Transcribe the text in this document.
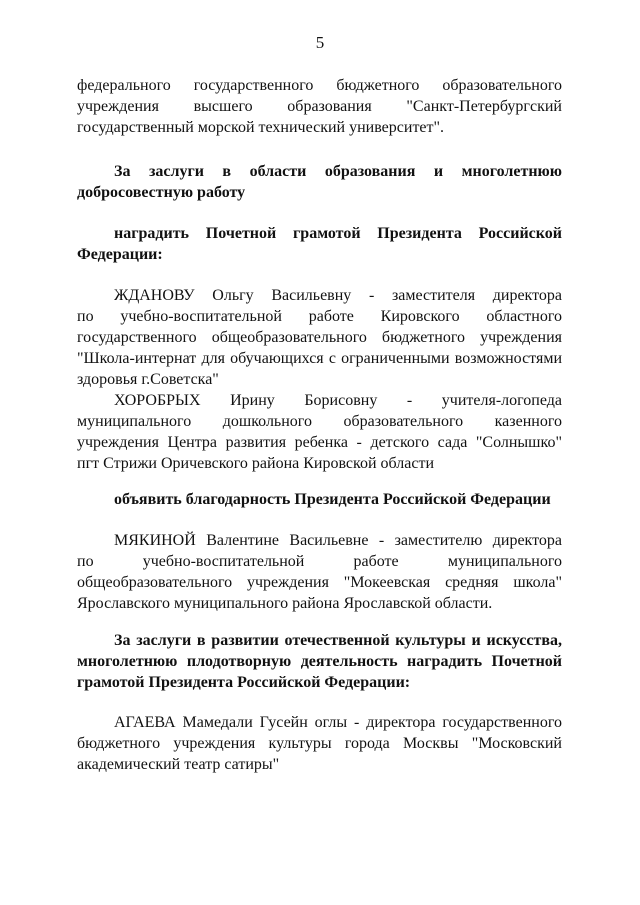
5
федерального государственного бюджетного образовательного
учреждения высшего образования "Санкт-Петербургский
государственный морской технический университет".
За заслуги в области образования и многолетнюю
добросовестную работу
наградить Почетной грамотой Президента Российской
Федерации:
ЖДАНОВУ Ольгу Васильевну - заместителя директора
по учебно-воспитательной работе Кировского областного
государственного общеобразовательного бюджетного учреждения
"Школа-интернат для обучающихся с ограниченными возможностями
здоровья г.Советска"
ХОРОБРЫХ Ирину Борисовну - учителя-логопеда
муниципального дошкольного образовательного казенного
учреждения Центра развития ребенка - детского сада "Солнышко"
пгт Стрижи Оричевского района Кировской области
объявить благодарность Президента Российской Федерации
МЯКИНОЙ Валентине Васильевне - заместителю директора
по учебно-воспитательной работе муниципального
общеобразовательного учреждения "Мокеевская средняя школа"
Ярославского муниципального района Ярославской области.
За заслуги в развитии отечественной культуры и искусства,
многолетнюю плодотворную деятельность наградить Почетной
грамотой Президента Российской Федерации:
АГАЕВА Мамедали Гусейн оглы - директора государственного
бюджетного учреждения культуры города Москвы "Московский
академический театр сатиры"
